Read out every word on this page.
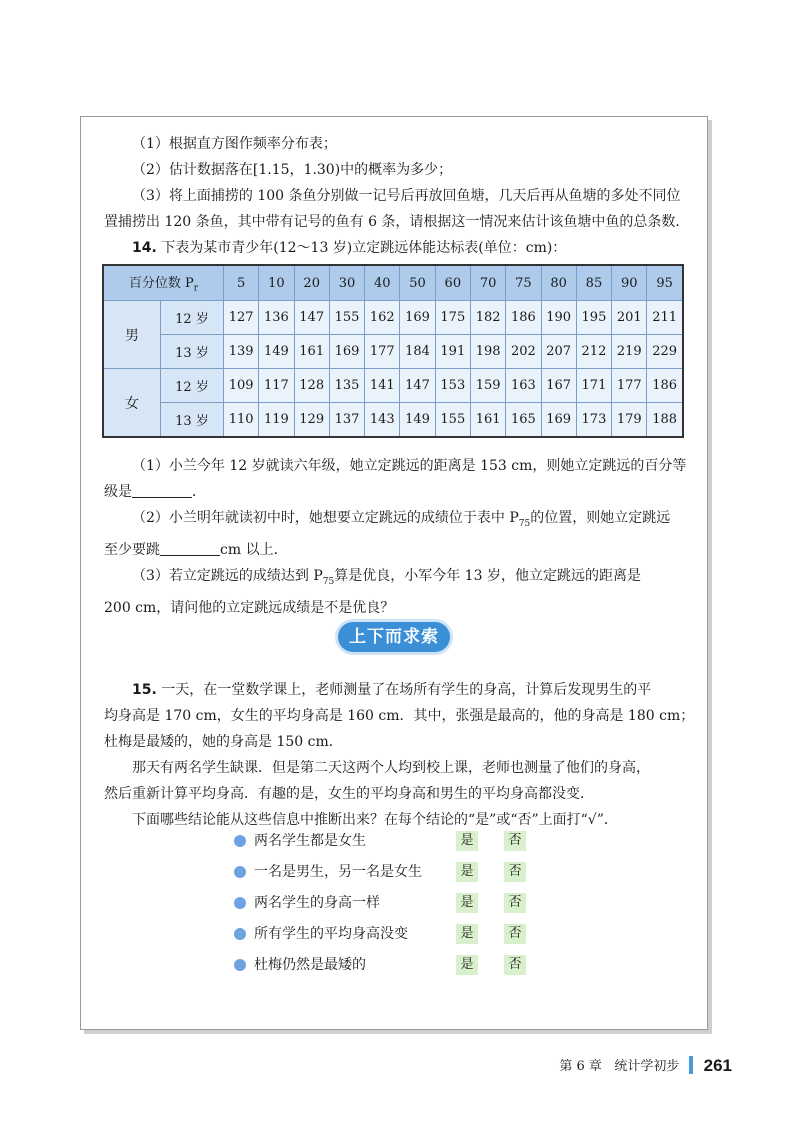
（1）根据直方图作频率分布表；
（2）估计数据落在[1.15，1.30)中的概率为多少；
（3）将上面捕捞的 100 条鱼分别做一记号后再放回鱼塘，几天后再从鱼塘的多处不同位
置捕捞出 120 条鱼，其中带有记号的鱼有 6 条，请根据这一情况来估计该鱼塘中鱼的总条数．
14. 下表为某市青少年(12～13 岁)立定跳远体能达标表(单位：cm)：
百分位数 $P_r$		5	10	20	30	40	50	60	70	75	80	85	90	95
男	12 岁	127	136	147	155	162	169	175	182	186	190	195	201	211
	13 岁	139	149	161	169	177	184	191	198	202	207	212	219	229
女	12 岁	109	117	128	135	141	147	153	159	163	167	171	177	186
	13 岁	110	119	129	137	143	149	155	161	165	169	173	179	188
（1）小兰今年 12 岁就读六年级，她立定跳远的距离是 153 cm，则她立定跳远的百分等
级是	．
（2）小兰明年就读初中时，她想要立定跳远的成绩位于表中 $P_{75}$的位置，则她立定跳远
至少要跳	cm 以上．
（3）若立定跳远的成绩达到 $P_{75}$算是优良，小军今年 13 岁，他立定跳远的距离是
200 cm，请问他的立定跳远成绩是不是优良？
上下而求索
15. 一天，在一堂数学课上，老师测量了在场所有学生的身高，计算后发现男生的平
均身高是 170 cm，女生的平均身高是 160 cm．其中，张强是最高的，他的身高是 180 cm；
杜梅是最矮的，她的身高是 150 cm．
那天有两名学生缺课．但是第二天这两个人均到校上课，老师也测量了他们的身高，
然后重新计算平均身高．有趣的是，女生的平均身高和男生的平均身高都没变．
下面哪些结论能从这些信息中推断出来？在每个结论的“是”或“否”上面打“√”．
两名学生都是女生	是	否
一名是男生，另一名是女生	是	否
两名学生的身高一样	是	否
所有学生的平均身高没变	是	否
杜梅仍然是最矮的	是	否
第 6 章 统计学初步 261
